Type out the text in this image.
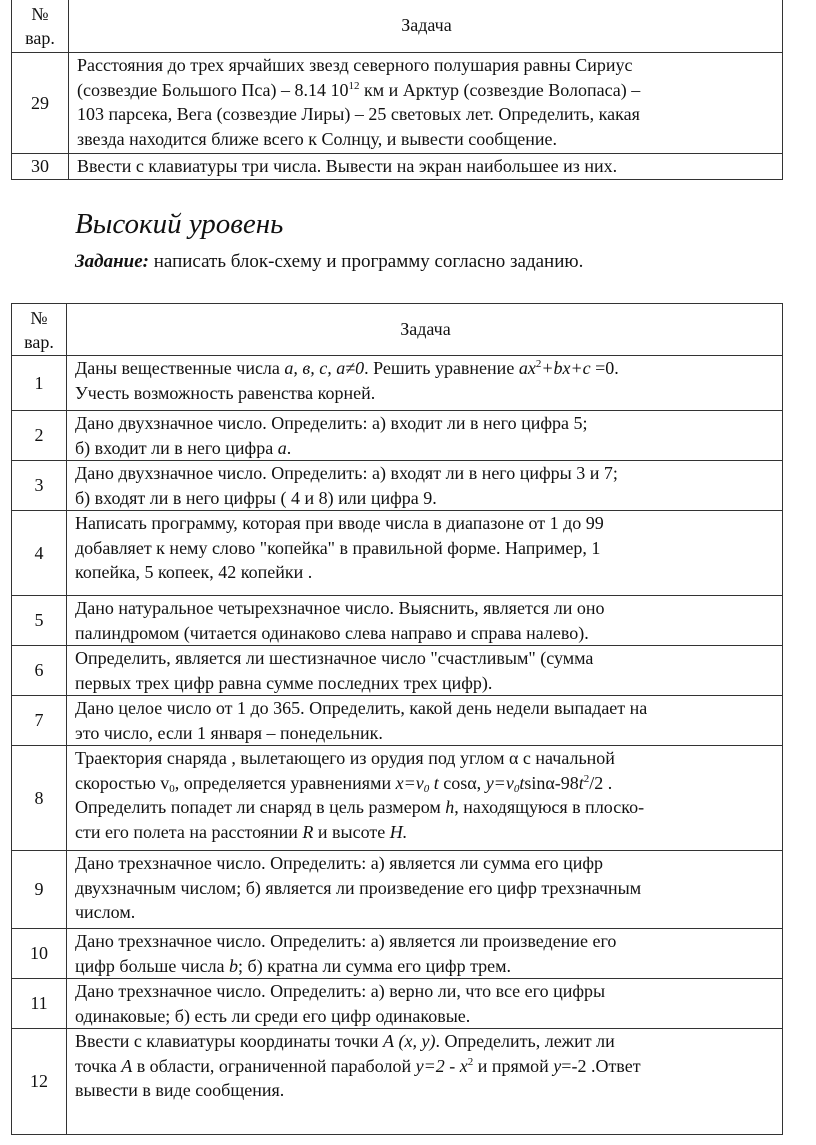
№
вар.	Задача
29	Расстояния до трех ярчайших звезд северного полушария равны Сириус
(созвездие Большого Пса) – 8.14 $10^{12}$ км и Арктур (созвездие Волопаса) –
103 парсека, Вега (созвездие Лиры) – 25 световых лет. Определить, какая
звезда находится ближе всего к Солнцу, и вывести сообщение.

30	Ввести с клавиатуры три числа. Вывести на экран наибольшее из них.
Высокий уровень
Задание: написать блок-схему и программу согласно заданию.
№
вар.	Задача
1	Даны вещественные числа а, в, с, а≠0. Решить уравнение $ax^2+bx+c =0$.
Учесть возможность равенства корней.

2	Дано двухзначное число. Определить: а) входит ли в него цифра 5;
б) входит ли в него цифра а.

3	Дано двухзначное число. Определить: а) входят ли в него цифры 3 и 7;
б) входят ли в него цифры ( 4 и 8) или цифра 9.

4	Написать программу, которая при вводе числа в диапазоне от 1 до 99
добавляет к нему слово "копейка" в правильной форме. Например, 1
копейка, 5 копеек, 42 копейки .

5	Дано натуральное четырехзначное число. Выяснить, является ли оно
палиндромом (читается одинаково слева направо и справа налево).

6	Определить, является ли шестизначное число "счастливым" (сумма
первых трех цифр равна сумме последних трех цифр).

7	Дано целое число от 1 до 365. Определить, какой день недели выпадает на
это число, если 1 января – понедельник.

8	Траектория снаряда , вылетающего из орудия под углом α с начальной
скоростью $v_0$, определяется уравнениями $x=v_0$ t cosα, $y=v_0tsin\alpha-98t^2/2$ .
Определить попадет ли снаряд в цель размером h, находящуюся в плоско-
сти его полета на расстоянии R и высоте H.

9	Дано трехзначное число. Определить: а) является ли сумма его цифр
двухзначным числом; б) является ли произведение его цифр трехзначным
числом.

10	Дано трехзначное число. Определить: а) является ли произведение его
цифр больше числа b; б) кратна ли сумма его цифр трем.

11	Дано трехзначное число. Определить: а) верно ли, что все его цифры
одинаковые; б) есть ли среди его цифр одинаковые.

12	Ввести с клавиатуры координаты точки А (x, y). Определить, лежит ли
точка А в области, ограниченной параболой $y=2 - x^2$ и прямой y=-2 .Ответ
вывести в виде сообщения.
